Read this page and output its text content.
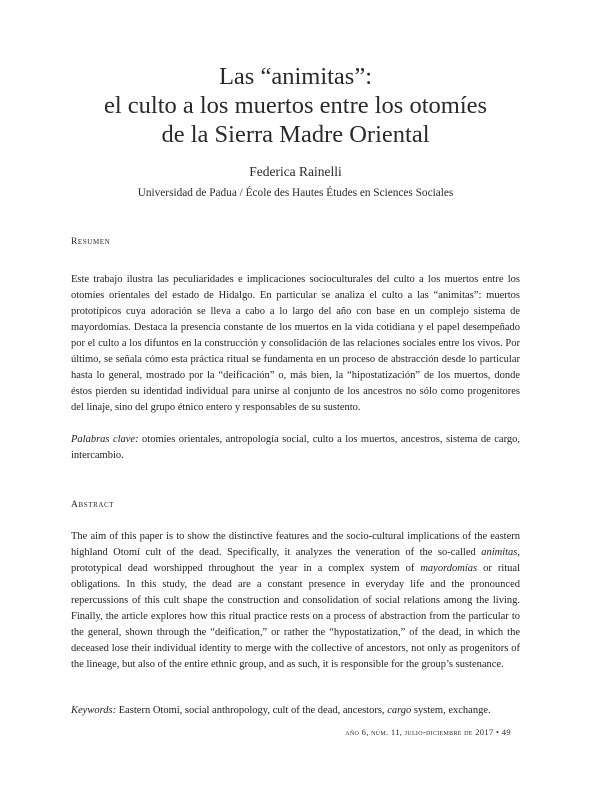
Las “animitas”:
el culto a los muertos entre los otomíes
de la Sierra Madre Oriental
Federica Rainelli
Universidad de Padua / École des Hautes Études en Sciences Sociales
Resumen
Este trabajo ilustra las peculiaridades e implicaciones socioculturales del culto a los muertos entre los otomíes orientales del estado de Hidalgo. En particular se analiza el culto a las “animitas”: muertos prototípicos cuya adoración se lleva a cabo a lo largo del año con base en un complejo sistema de mayordomías. Destaca la presencia constante de los muertos en la vida cotidiana y el papel desempeñado por el culto a los difuntos en la construcción y consolidación de las relaciones sociales entre los vivos. Por último, se señala cómo esta práctica ritual se fundamenta en un proceso de abstracción desde lo particular hasta lo general, mostrado por la “deificación” o, más bien, la “hipostatización” de los muertos, donde éstos pierden su identidad individual para unirse al conjunto de los ancestros no sólo como progenitores del linaje, sino del grupo étnico entero y responsables de su sustento.
Palabras clave: otomíes orientales, antropología social, culto a los muertos, ancestros, sistema de cargo, intercambio.
Abstract
The aim of this paper is to show the distinctive features and the socio-cultural implications of the eastern highland Otomí cult of the dead. Specifically, it analyzes the veneration of the so-called animitas, prototypical dead worshipped throughout the year in a complex system of mayordomías or ritual obligations. In this study, the dead are a constant presence in everyday life and the pronounced repercussions of this cult shape the construction and consolidation of social relations among the living. Finally, the article explores how this ritual practice rests on a process of abstraction from the particular to the general, shown through the “deification,” or rather the “hypostatization,” of the dead, in which the deceased lose their individual identity to merge with the collective of ancestors, not only as progenitors of the lineage, but also of the entire ethnic group, and as such, it is responsible for the group’s sustenance.
Keywords: Eastern Otomí, social anthropology, cult of the dead, ancestors, cargo system, exchange.
año 6, núm. 11, julio-diciembre de 2017 • 49
